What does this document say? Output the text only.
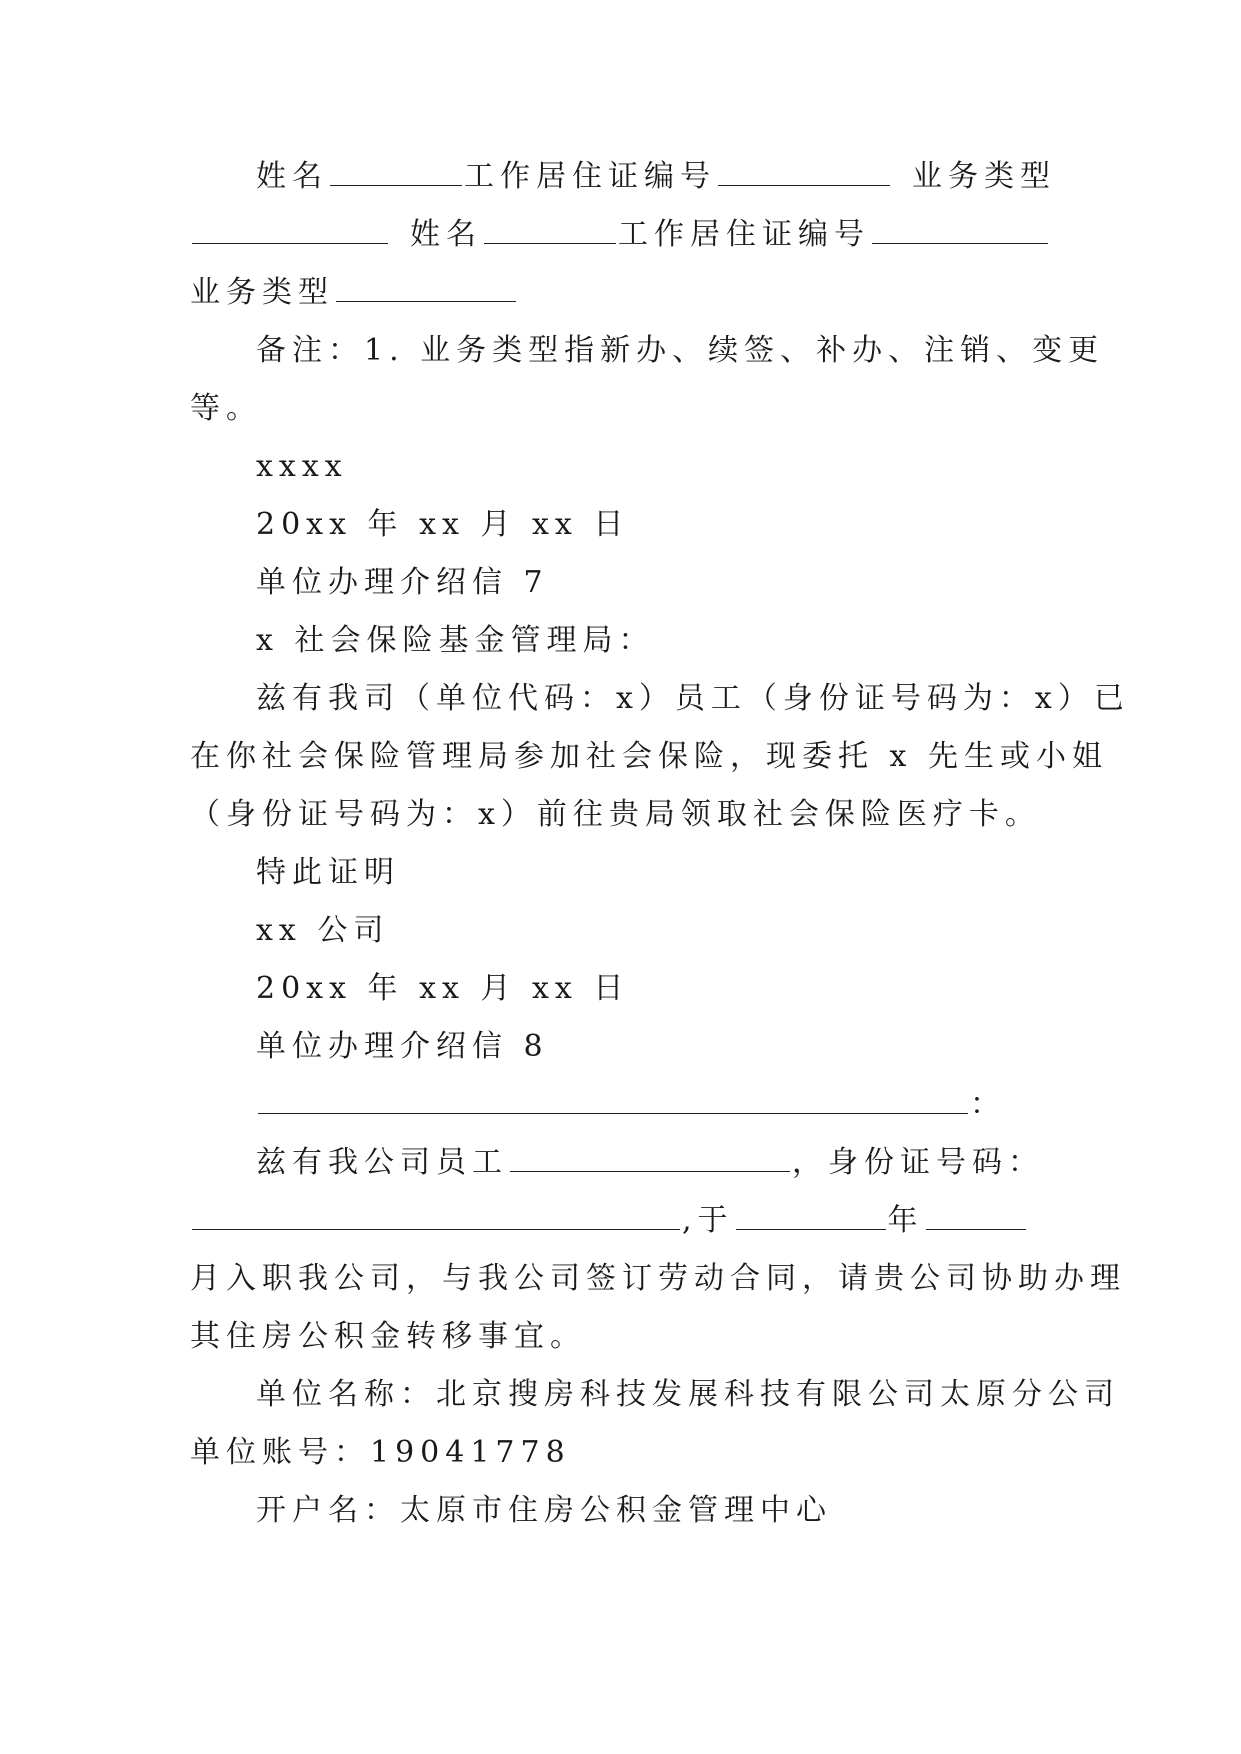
姓名	工作居住证编号	业务类型

姓名	工作居住证编号

业务类型

备注：1. 业务类型指新办、续签、补办、注销、变更

等。

xxxx

20xx 年 xx 月 xx 日

单位办理介绍信 7

x 社会保险基金管理局：

兹有我司（单位代码：x）员工（身份证号码为：x）已

在你社会保险管理局参加社会保险，现委托 x 先生或小姐

（身份证号码为：x）前往贵局领取社会保险医疗卡。

特此证明

xx 公司

20xx 年 xx 月 xx 日

单位办理介绍信 8

：

兹有我公司员工	，身份证号码：

,于	年

月入职我公司，与我公司签订劳动合同，请贵公司协助办理

其住房公积金转移事宜。

单位名称：北京搜房科技发展科技有限公司太原分公司

单位账号：19041778

开户名：太原市住房公积金管理中心
